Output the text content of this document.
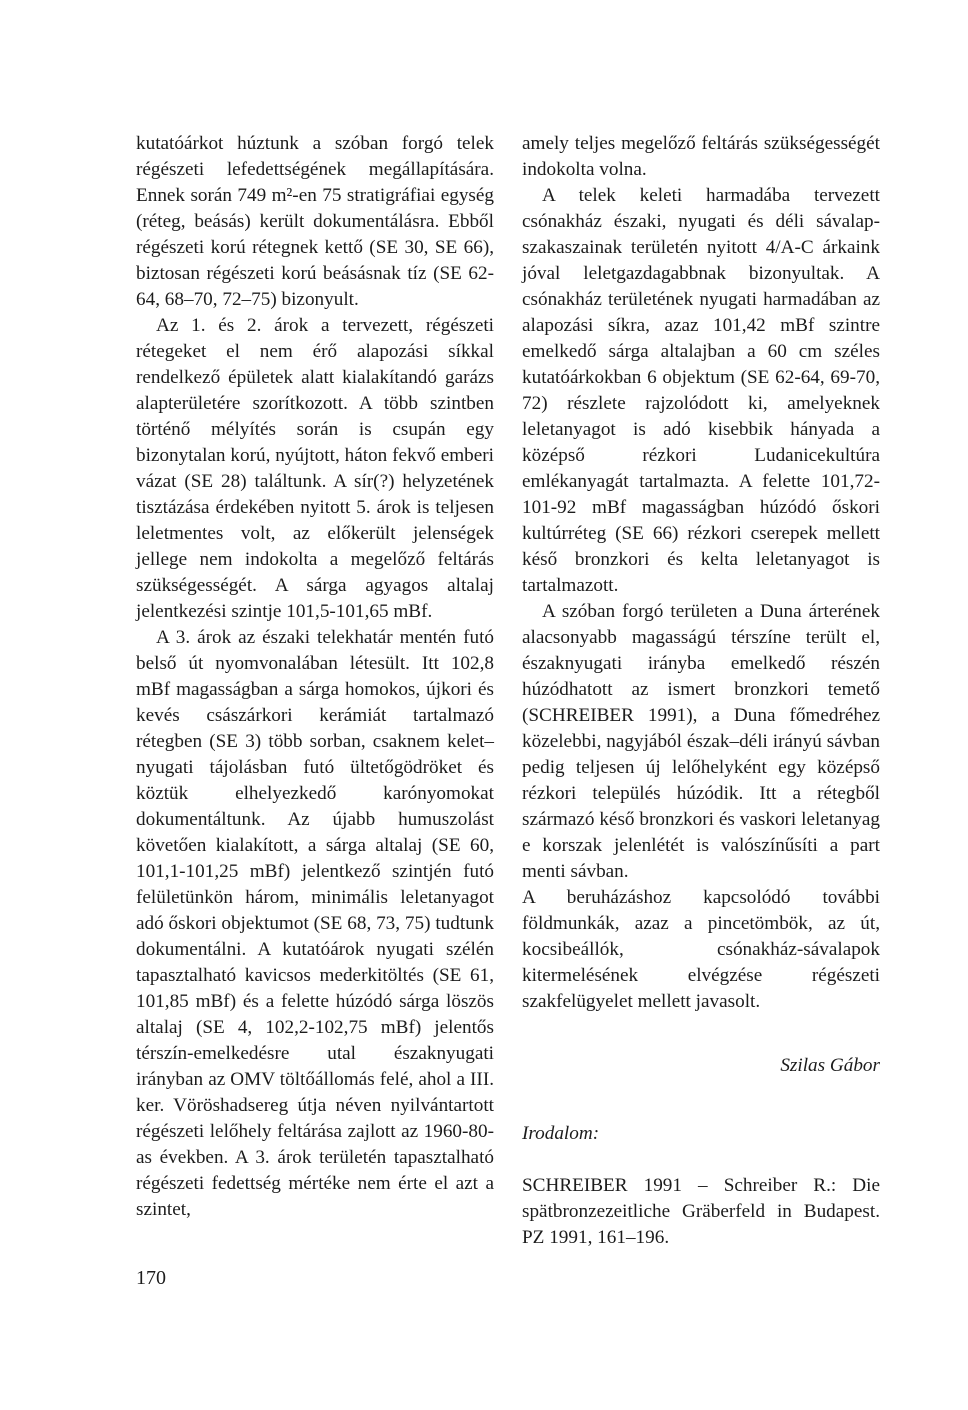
kutatóárkot húztunk a szóban forgó telek régészeti lefedettségének megállapítására. Ennek során 749 m²-en 75 stratigráfiai egység (réteg, beásás) került dokumentálásra. Ebből régészeti korú rétegnek kettő (SE 30, SE 66), biztosan régészeti korú beásásnak tíz (SE 62-64, 68–70, 72–75) bizonyult.

Az 1. és 2. árok a tervezett, régészeti rétegeket el nem érő alapozási síkkal rendelkező épületek alatt kialakítandó garázs alapterületére szorítkozott. A több szintben történő mélyítés során is csupán egy bizonytalan korú, nyújtott, háton fekvő emberi vázat (SE 28) találtunk. A sír(?) helyzetének tisztázása érdekében nyitott 5. árok is teljesen leletmentes volt, az előkerült jelenségek jellege nem indokolta a megelőző feltárás szükségességét. A sárga agyagos altalaj jelentkezési szintje 101,5-101,65 mBf.

A 3. árok az északi telekhatár mentén futó belső út nyomvonalában létesült. Itt 102,8 mBf magasságban a sárga homokos, újkori és kevés császárkori kerámiát tartalmazó rétegben (SE 3) több sorban, csaknem kelet–nyugati tájolásban futó ültetőgödröket és köztük elhelyezkedő karónyomokat dokumentáltunk. Az újabb humuszolást követően kialakított, a sárga altalaj (SE 60, 101,1-101,25 mBf) jelentkező szintjén futó felületünkön három, minimális leletanyagot adó őskori objektumot (SE 68, 73, 75) tudtunk dokumentálni. A kutatóárok nyugati szélén tapasztalható kavicsos mederkitöltés (SE 61, 101,85 mBf) és a felette húzódó sárga löszös altalaj (SE 4, 102,2-102,75 mBf) jelentős térszín-emelkedésre utal északnyugati irányban az OMV töltőállomás felé, ahol a III. ker. Vöröshadsereg útja néven nyilvántartott régészeti lelőhely feltárása zajlott az 1960-80-as években. A 3. árok területén tapasztalható régészeti fedettség mértéke nem érte el azt a szintet,

amely teljes megelőző feltárás szükségességét indokolta volna.

A telek keleti harmadába tervezett csónakház északi, nyugati és déli sávalap-szakaszainak területén nyitott 4/A-C árkaink jóval leletgazdagabbnak bizonyultak. A csónakház területének nyugati harmadában az alapozási síkra, azaz 101,42 mBf szintre emelkedő sárga altalajban a 60 cm széles kutatóárkokban 6 objektum (SE 62-64, 69-70, 72) részlete rajzolódott ki, amelyeknek leletanyagot is adó kisebbik hányada a középső rézkori Ludanicekultúra emlékanyagát tartalmazta. A felette 101,72-101-92 mBf magasságban húzódó őskori kultúrréteg (SE 66) rézkori cserepek mellett késő bronzkori és kelta leletanyagot is tartalmazott.

A szóban forgó területen a Duna árterének alacsonyabb magasságú térszíne terült el, északnyugati irányba emelkedő részén húzódhatott az ismert bronzkori temető (SCHREIBER 1991), a Duna főmedréhez közelebbi, nagyjából észak–déli irányú sávban pedig teljesen új lelőhelyként egy középső rézkori település húzódik. Itt a rétegből származó késő bronzkori és vaskori leletanyag e korszak jelenlétét is valószínűsíti a part menti sávban.

A beruházáshoz kapcsolódó további földmunkák, azaz a pincetömbök, az út, kocsibeállók, csónakház-sávalapok kitermelésének elvégzése régészeti szakfelügyelet mellett javasolt.

Szilas Gábor

Irodalom:

SCHREIBER 1991 – Schreiber R.: Die spätbronzezeitliche Gräberfeld in Budapest. PZ 1991, 161–196.

170
